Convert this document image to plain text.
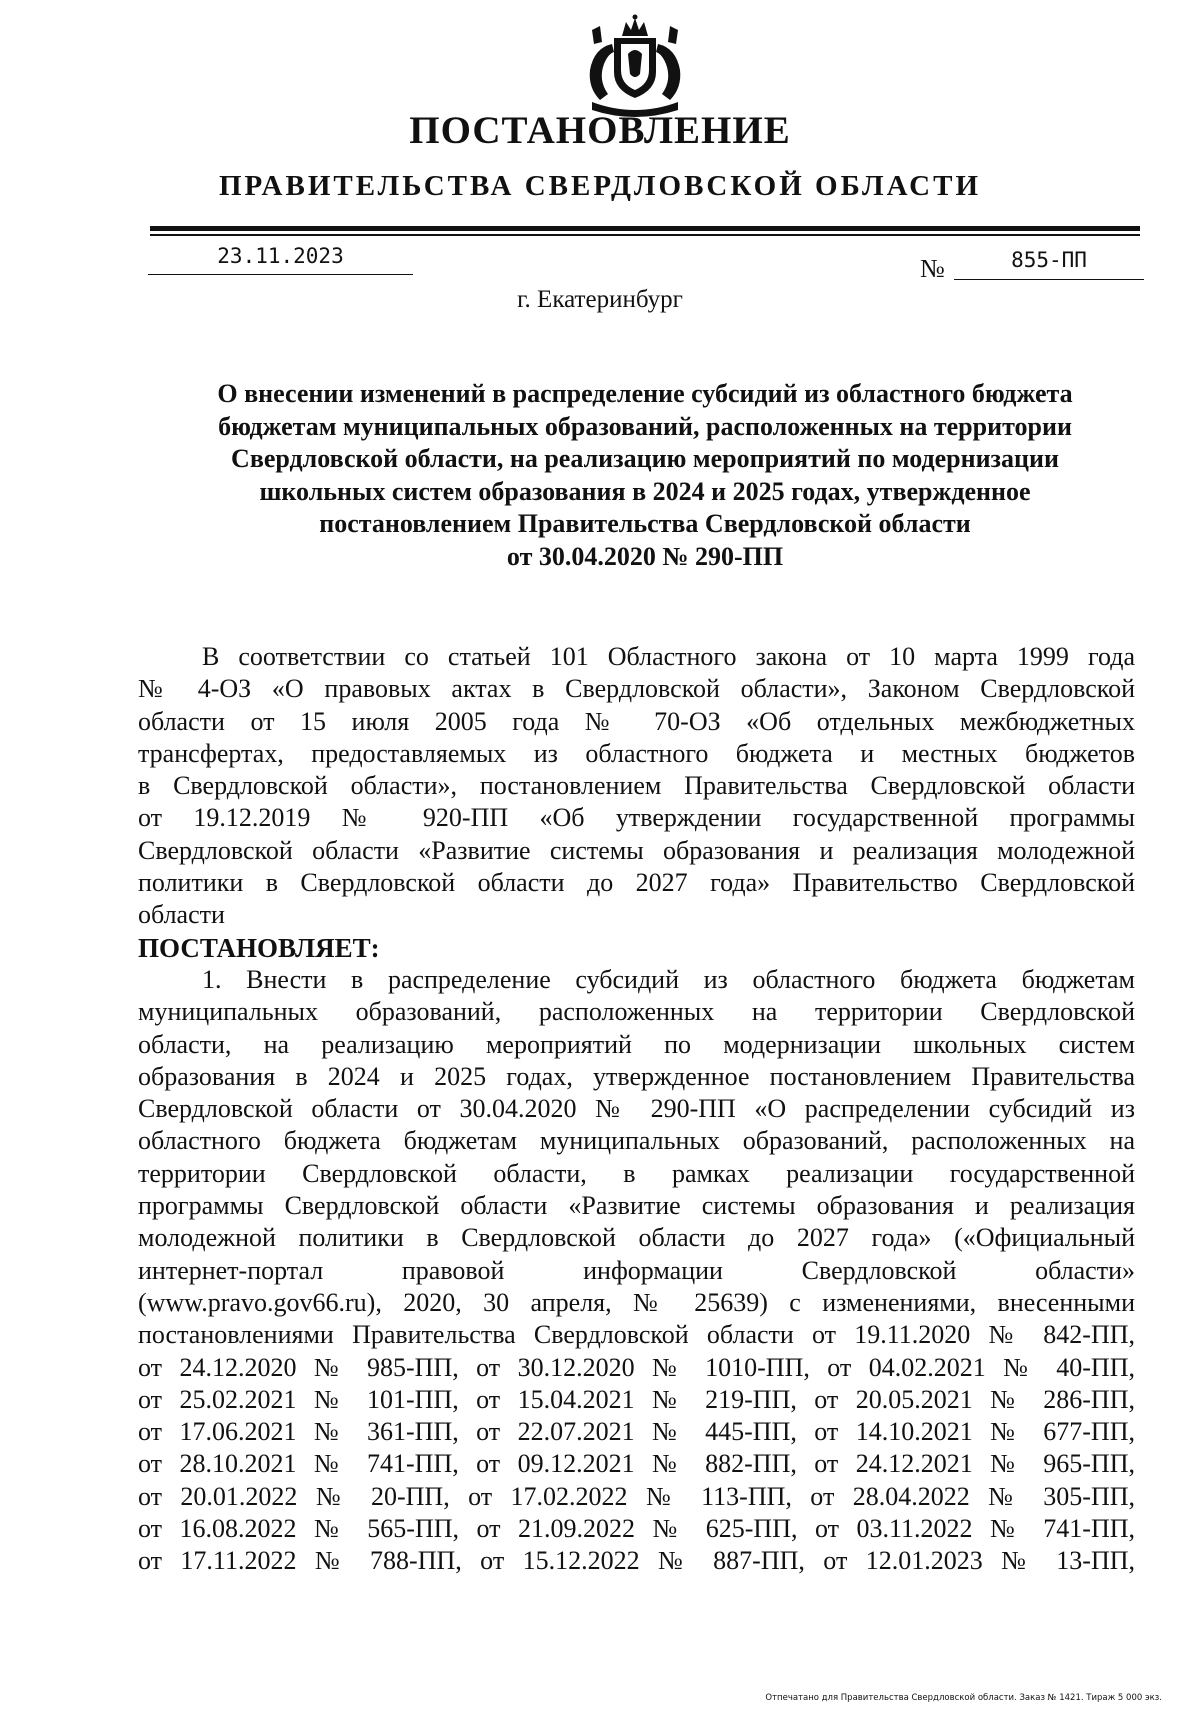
ПОСТАНОВЛЕНИЕ
ПРАВИТЕЛЬСТВА СВЕРДЛОВСКОЙ ОБЛАСТИ
23.11.2023	№	855-ПП
г. Екатеринбург
О внесении изменений в распределение субсидий из областного бюджета
бюджетам муниципальных образований, расположенных на территории
Свердловской области, на реализацию мероприятий по модернизации
школьных систем образования в 2024 и 2025 годах, утвержденное
постановлением Правительства Свердловской области
от 30.04.2020 № 290-ПП
В соответствии со статьей 101 Областного закона от 10 марта 1999 года
№ 4-ОЗ «О правовых актах в Свердловской области», Законом Свердловской
области от 15 июля 2005 года № 70-ОЗ «Об отдельных межбюджетных
трансфертах, предоставляемых из областного бюджета и местных бюджетов
в Свердловской области», постановлением Правительства Свердловской области
от 19.12.2019 № 920-ПП «Об утверждении государственной программы
Свердловской области «Развитие системы образования и реализация молодежной
политики в Свердловской области до 2027 года» Правительство Свердловской
области
ПОСТАНОВЛЯЕТ:
1. Внести в распределение субсидий из областного бюджета бюджетам
муниципальных образований, расположенных на территории Свердловской
области, на реализацию мероприятий по модернизации школьных систем
образования в 2024 и 2025 годах, утвержденное постановлением Правительства
Свердловской области от 30.04.2020 № 290-ПП «О распределении субсидий из
областного бюджета бюджетам муниципальных образований, расположенных на
территории Свердловской области, в рамках реализации государственной
программы Свердловской области «Развитие системы образования и реализация
молодежной политики в Свердловской области до 2027 года» («Официальный
интернет-портал правовой информации Свердловской области»
(www.pravo.gov66.ru), 2020, 30 апреля, № 25639) с изменениями, внесенными
постановлениями Правительства Свердловской области от 19.11.2020 № 842-ПП,
от 24.12.2020 № 985-ПП, от 30.12.2020 № 1010-ПП, от 04.02.2021 № 40-ПП,
от 25.02.2021 № 101-ПП, от 15.04.2021 № 219-ПП, от 20.05.2021 № 286-ПП,
от 17.06.2021 № 361-ПП, от 22.07.2021 № 445-ПП, от 14.10.2021 № 677-ПП,
от 28.10.2021 № 741-ПП, от 09.12.2021 № 882-ПП, от 24.12.2021 № 965-ПП,
от 20.01.2022 № 20-ПП, от 17.02.2022 № 113-ПП, от 28.04.2022 № 305-ПП,
от 16.08.2022 № 565-ПП, от 21.09.2022 № 625-ПП, от 03.11.2022 № 741-ПП,
от 17.11.2022 № 788-ПП, от 15.12.2022 № 887-ПП, от 12.01.2023 № 13-ПП,
Отпечатано для Правительства Свердловской области. Заказ № 1421. Тираж 5 000 экз.
